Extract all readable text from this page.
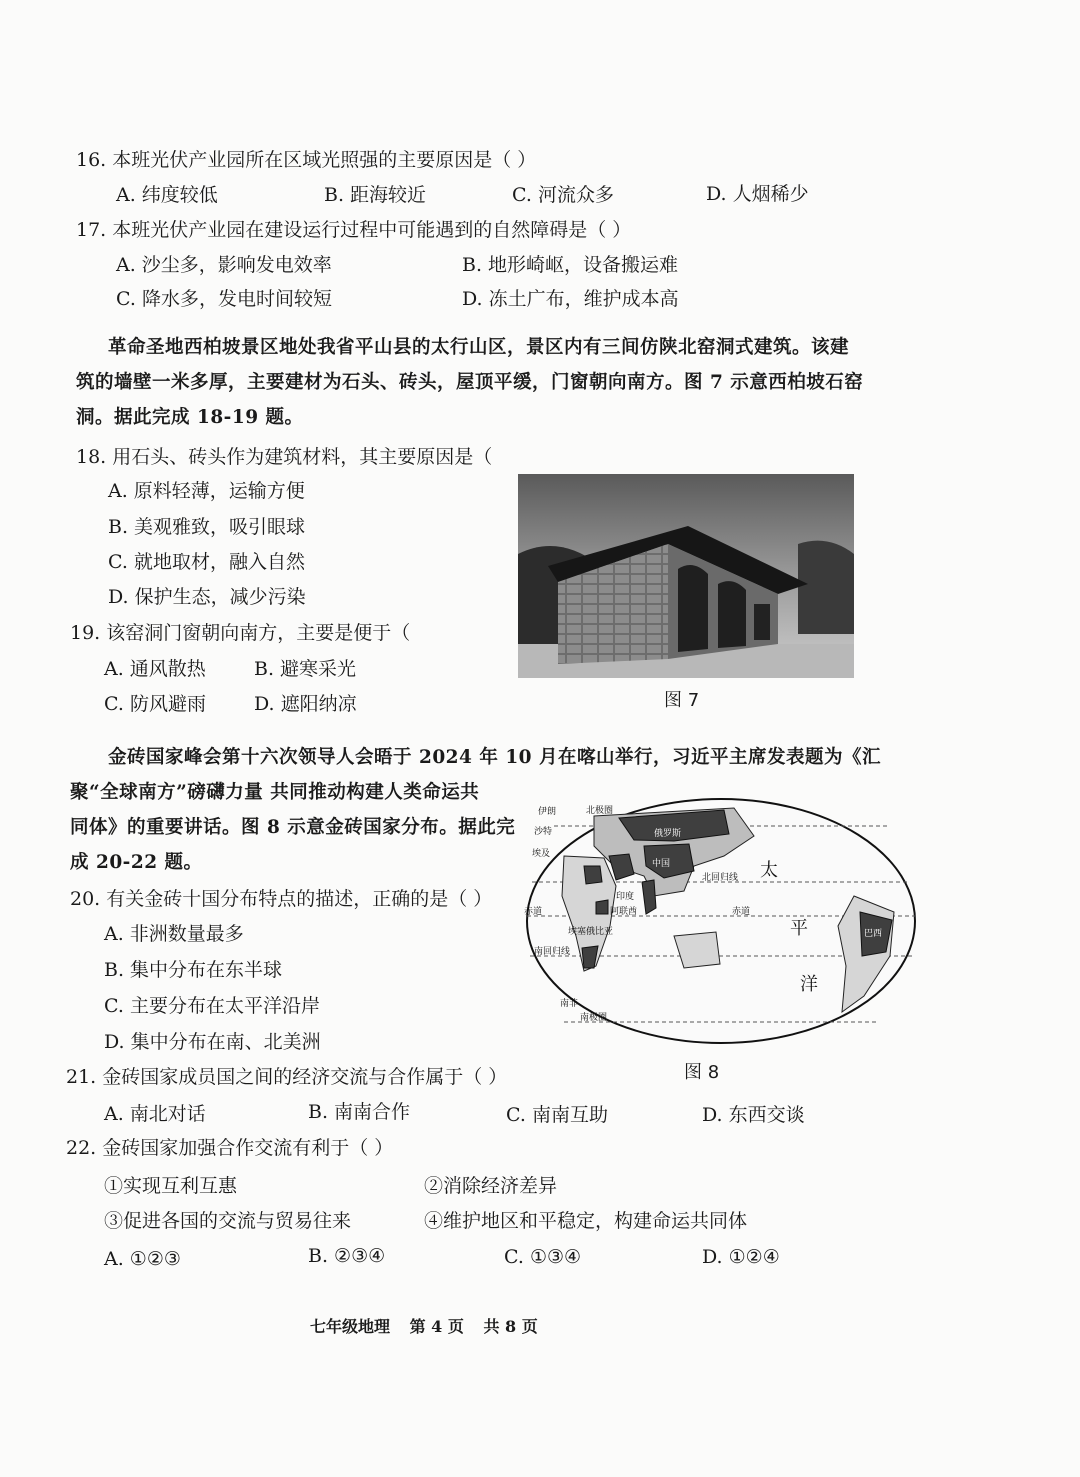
16. 本班光伏产业园所在区域光照强的主要原因是（ ）
A. 纬度较低	B. 距海较近	C. 河流众多	D. 人烟稀少
17. 本班光伏产业园在建设运行过程中可能遇到的自然障碍是（ ）
A. 沙尘多，影响发电效率	B. 地形崎岖，设备搬运难
C. 降水多，发电时间较短	D. 冻土广布，维护成本高
革命圣地西柏坡景区地处我省平山县的太行山区，景区内有三间仿陕北窑洞式建筑。该建
筑的墙壁一米多厚，主要建材为石头、砖头，屋顶平缓，门窗朝向南方。图 7 示意西柏坡石窑
洞。据此完成 18-19 题。
18. 用石头、砖头作为建筑材料，其主要原因是（
A. 原料轻薄，运输方便
B. 美观雅致，吸引眼球
C. 就地取材，融入自然
D. 保护生态，减少污染
19. 该窑洞门窗朝向南方，主要是便于（
A. 通风散热	B. 避寒采光
C. 防风避雨	D. 遮阳纳凉	图 7
金砖国家峰会第十六次领导人会晤于 2024 年 10 月在喀山举行，习近平主席发表题为《汇
聚“全球南方”磅礴力量 共同推动构建人类命运共
同体》的重要讲话。图 8 示意金砖国家分布。据此完
成 20-22 题。
20. 有关金砖十国分布特点的描述，正确的是（ ）
A. 非洲数量最多
B. 集中分布在东半球
C. 主要分布在太平洋沿岸
D. 集中分布在南、北美洲
北极圈
伊朗
沙特
埃及
埃塞俄比亚
南非
俄罗斯
中国
印度
阿联酋
北回归线
赤道	赤道
南回归线
南极圈
巴西
太
平
洋
图 8
21. 金砖国家成员国之间的经济交流与合作属于（ ）
A. 南北对话	B. 南南合作	C. 南南互助	D. 东西交谈
22. 金砖国家加强合作交流有利于（ ）
①实现互利互惠	②消除经济差异
③促进各国的交流与贸易往来	④维护地区和平稳定，构建命运共同体
A. ①②③	B. ②③④	C. ①③④	D. ①②④
七年级地理 第 4 页 共 8 页
